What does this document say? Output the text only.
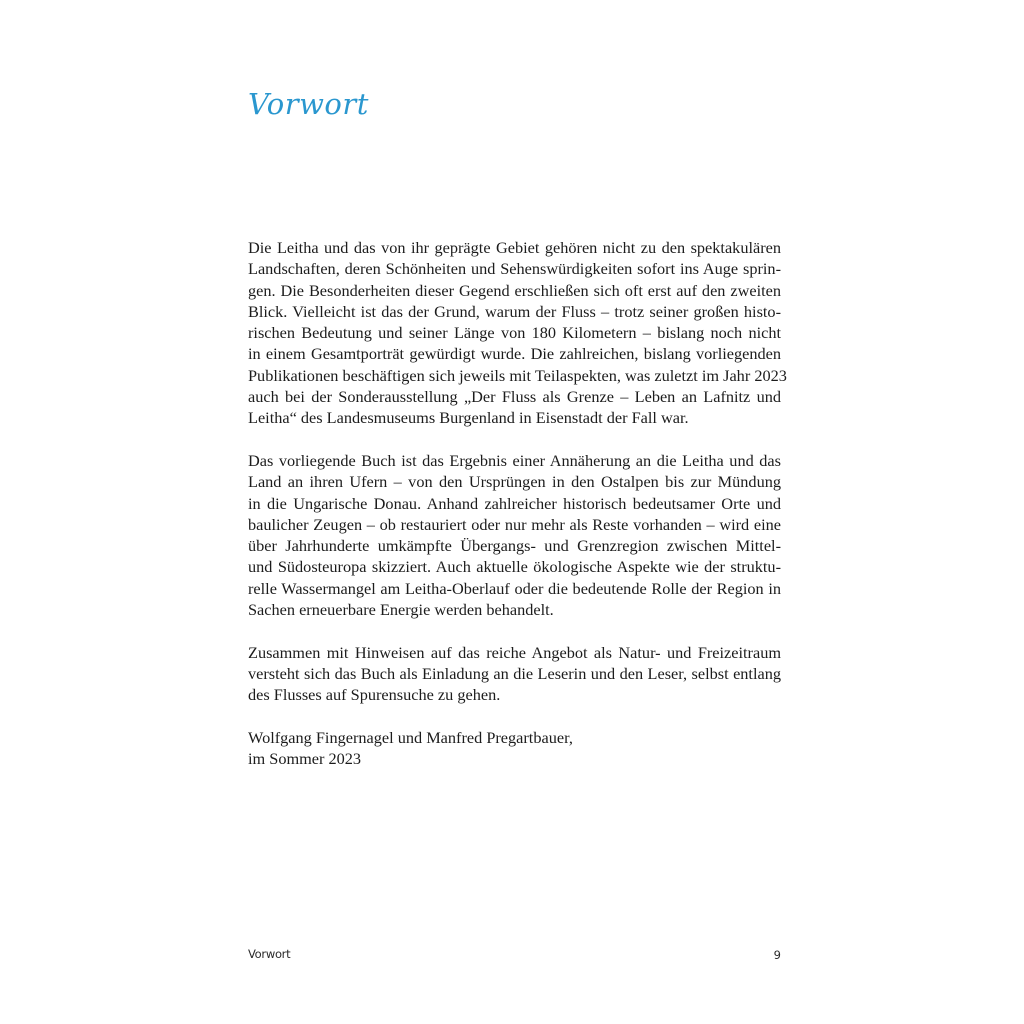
Vorwort

Die Leitha und das von ihr geprägte Gebiet gehören nicht zu den spektakulären
Landschaften, deren Schönheiten und Sehenswürdigkeiten sofort ins Auge sprin-
gen. Die Besonderheiten dieser Gegend erschließen sich oft erst auf den zweiten
Blick. Vielleicht ist das der Grund, warum der Fluss – trotz seiner großen histo-
rischen Bedeutung und seiner Länge von 180 Kilometern – bislang noch nicht
in einem Gesamtporträt gewürdigt wurde. Die zahlreichen, bislang vorliegenden
Publikationen beschäftigen sich jeweils mit Teilaspekten, was zuletzt im Jahr 2023
auch bei der Sonderausstellung „Der Fluss als Grenze – Leben an Lafnitz und
Leitha“ des Landesmuseums Burgenland in Eisenstadt der Fall war.

Das vorliegende Buch ist das Ergebnis einer Annäherung an die Leitha und das
Land an ihren Ufern – von den Ursprüngen in den Ostalpen bis zur Mündung
in die Ungarische Donau. Anhand zahlreicher historisch bedeutsamer Orte und
baulicher Zeugen – ob restauriert oder nur mehr als Reste vorhanden – wird eine
über Jahrhunderte umkämpfte Übergangs- und Grenzregion zwischen Mittel-
und Südosteuropa skizziert. Auch aktuelle ökologische Aspekte wie der struktu-
relle Wassermangel am Leitha-Oberlauf oder die bedeutende Rolle der Region in
Sachen erneuerbare Energie werden behandelt.

Zusammen mit Hinweisen auf das reiche Angebot als Natur- und Freizeitraum
versteht sich das Buch als Einladung an die Leserin und den Leser, selbst entlang
des Flusses auf Spurensuche zu gehen.

Wolfgang Fingernagel und Manfred Pregartbauer,
im Sommer 2023

Vorwort	9
